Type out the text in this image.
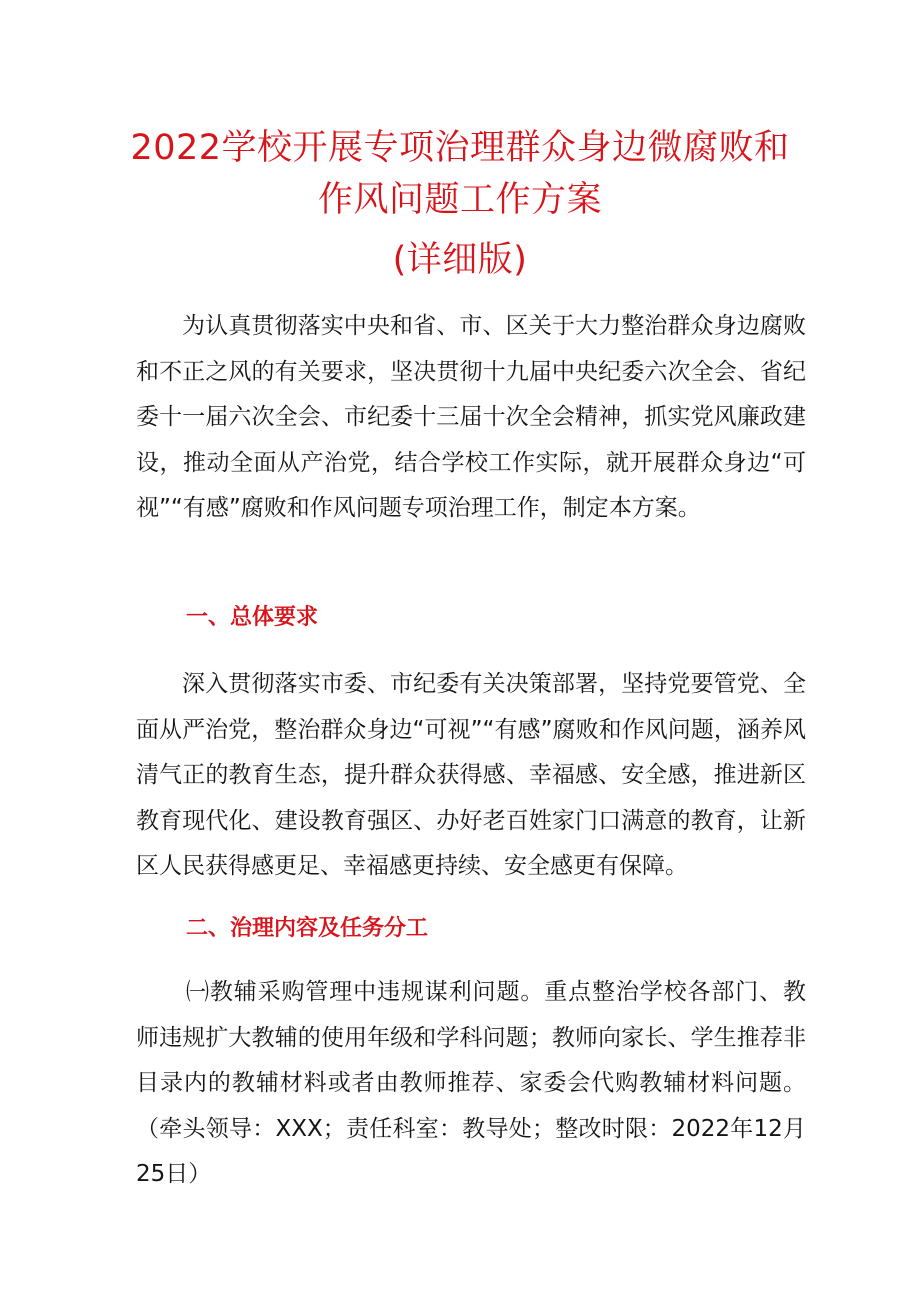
2022学校开展专项治理群众身边微腐败和
作风问题工作方案
(详细版)

为认真贯彻落实中央和省、市、区关于大力整治群众身边腐败和不正之风的有关要求，坚决贯彻十九届中央纪委六次全会、省纪委十一届六次全会、市纪委十三届十次全会精神，抓实党风廉政建设，推动全面从产治党，结合学校工作实际，就开展群众身边“可视”“有感”腐败和作风问题专项治理工作，制定本方案。

一、总体要求

深入贯彻落实市委、市纪委有关决策部署，坚持党要管党、全面从严治党，整治群众身边“可视”“有感”腐败和作风问题，涵养风清气正的教育生态，提升群众获得感、幸福感、安全感，推进新区教育现代化、建设教育强区、办好老百姓家门口满意的教育，让新区人民获得感更足、幸福感更持续、安全感更有保障。

二、治理内容及任务分工

㈠教辅采购管理中违规谋利问题。重点整治学校各部门、教师违规扩大教辅的使用年级和学科问题；教师向家长、学生推荐非目录内的教辅材料或者由教师推荐、家委会代购教辅材料问题。（牵头领导：XXX；责任科室：教导处；整改时限：2022年12月25日）
